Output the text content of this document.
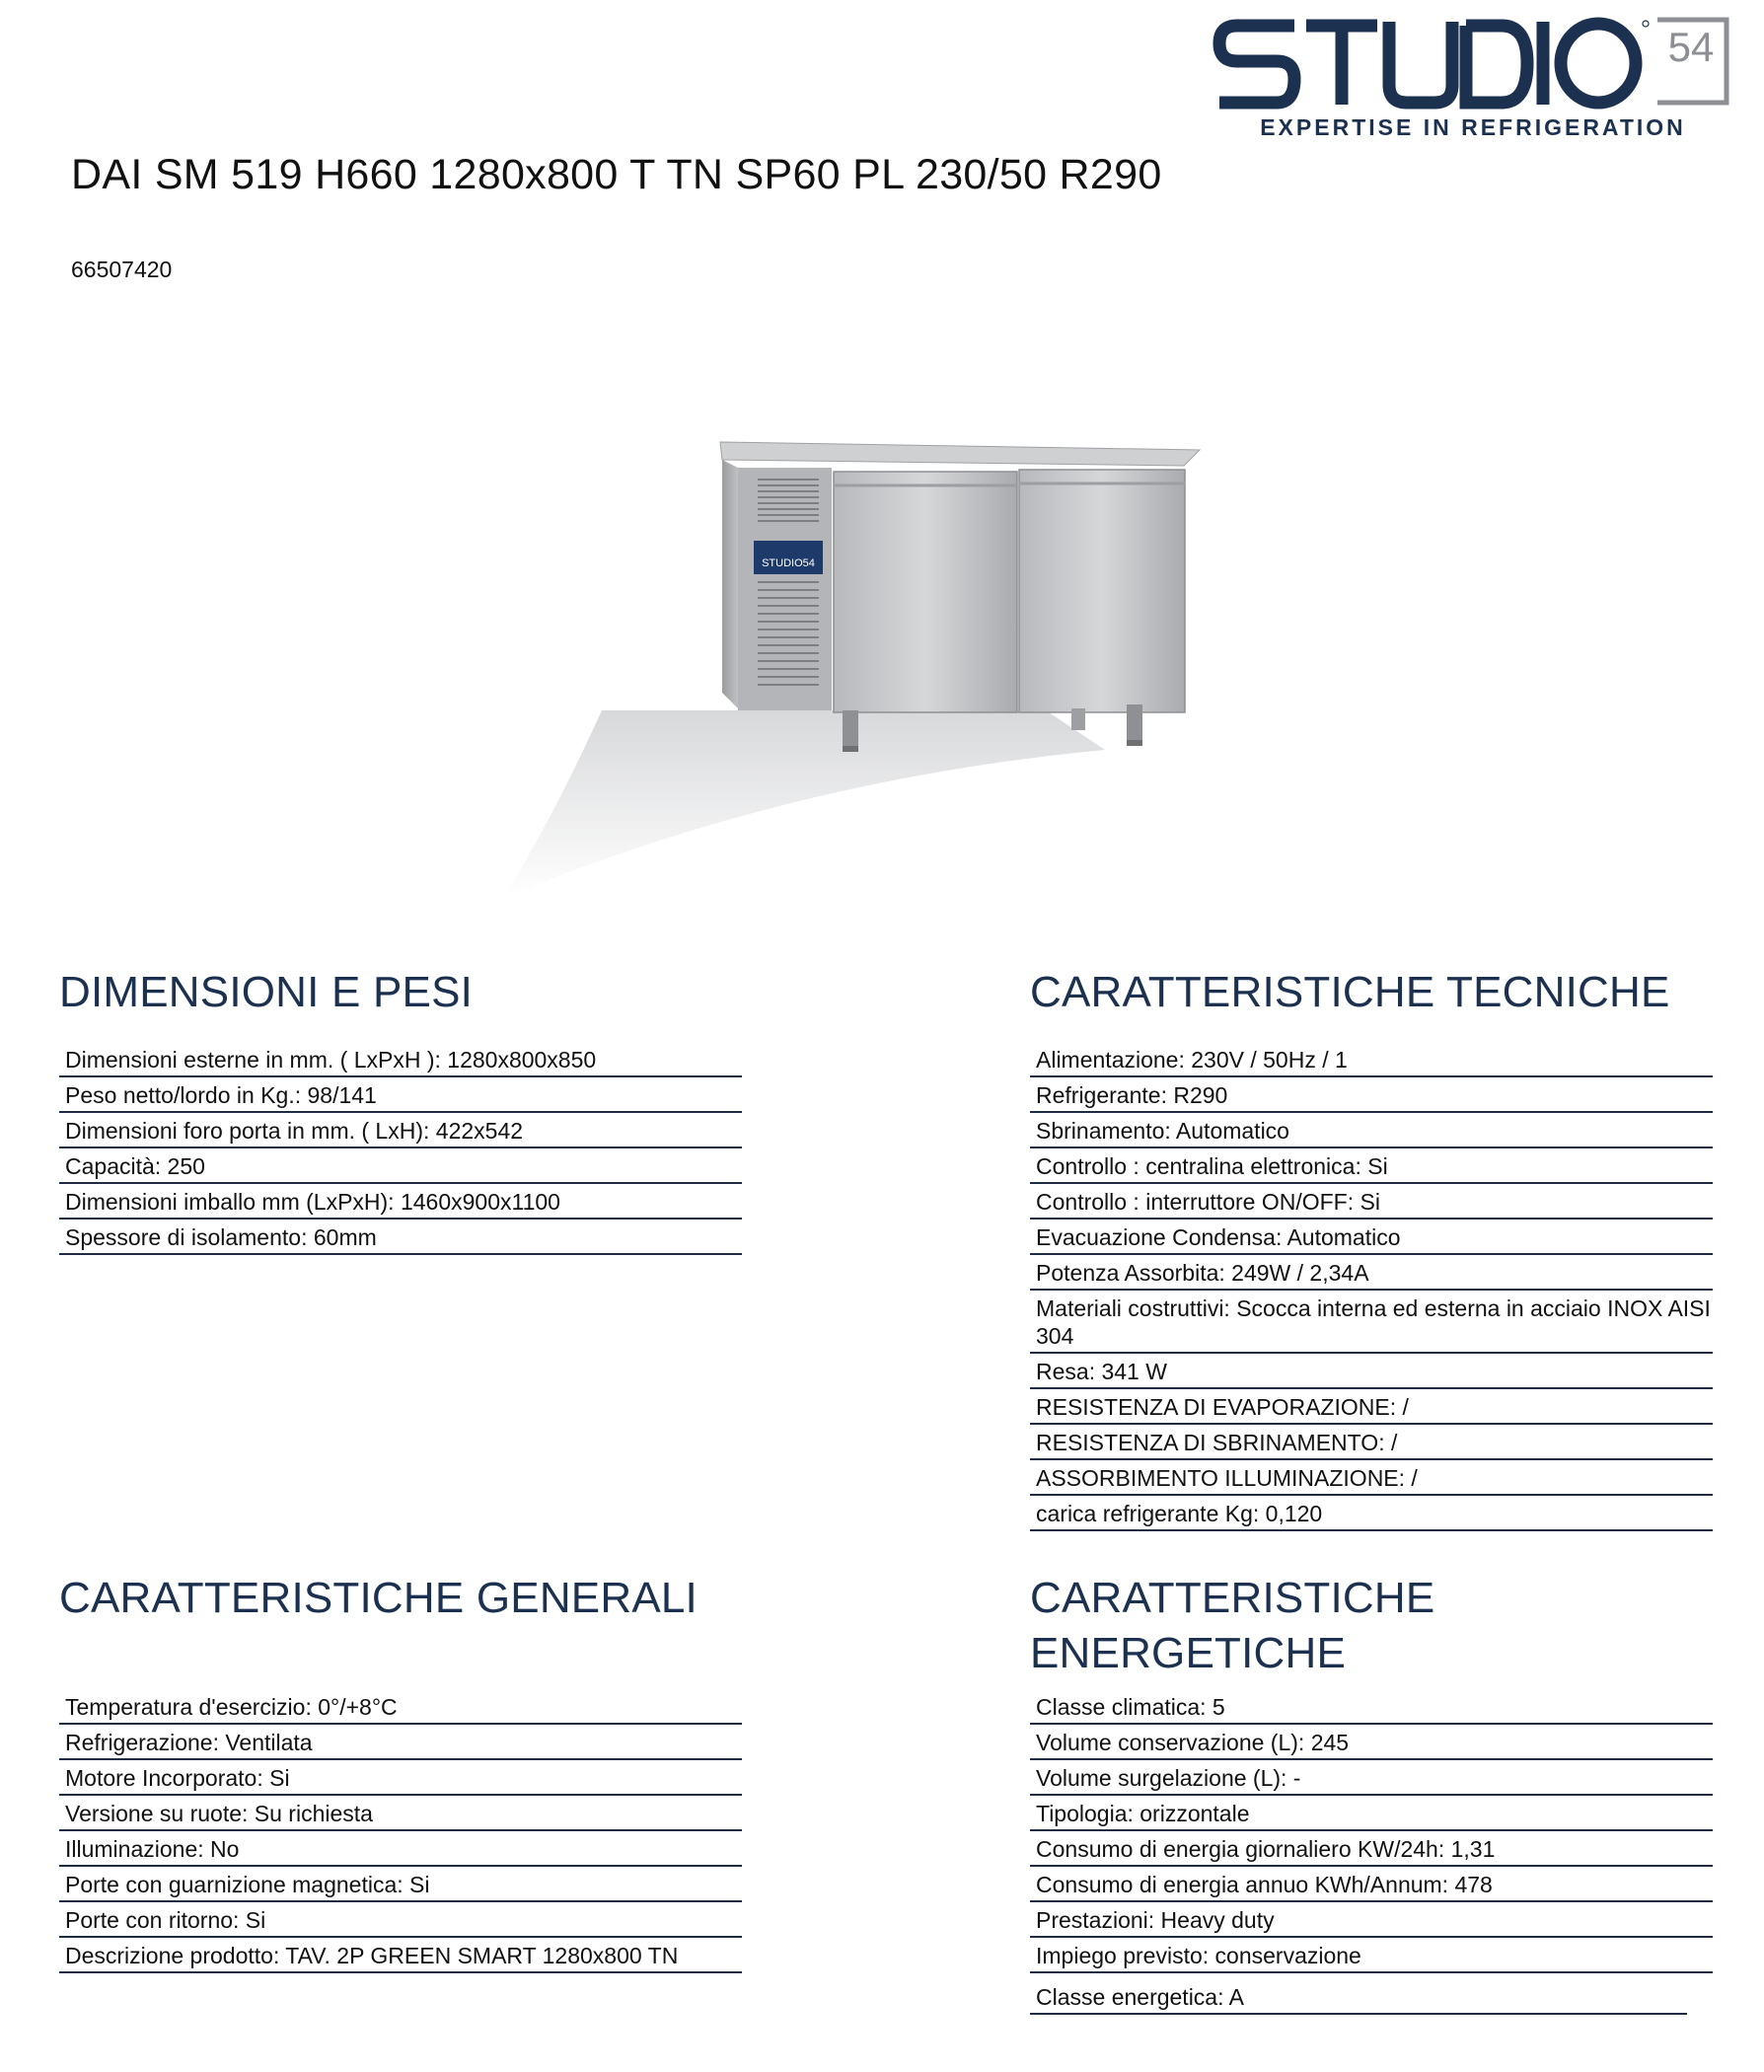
54
EXPERTISE IN REFRIGERATION
STUDIO
DAI SM 519 H660 1280x800 T TN SP60 PL 230/50 R290
66507420
STUDIO54
DIMENSIONI E PESI
Dimensioni esterne in mm. ( LxPxH ): 1280x800x850
Peso netto/lordo in Kg.: 98/141
Dimensioni foro porta in mm. ( LxH): 422x542
Capacità: 250
Dimensioni imballo mm (LxPxH): 1460x900x1100
Spessore di isolamento: 60mm
CARATTERISTICHE TECNICHE
Alimentazione: 230V / 50Hz / 1
Refrigerante: R290
Sbrinamento: Automatico
Controllo : centralina elettronica: Si
Controllo : interruttore ON/OFF: Si
Evacuazione Condensa: Automatico
Potenza Assorbita: 249W / 2,34A
Materiali costruttivi: Scocca interna ed esterna in acciaio INOX AISI 304
Resa: 341 W
RESISTENZA DI EVAPORAZIONE: /
RESISTENZA DI SBRINAMENTO: /
ASSORBIMENTO ILLUMINAZIONE: /
carica refrigerante Kg: 0,120
CARATTERISTICHE GENERALI
Temperatura d'esercizio: 0°/+8°C
Refrigerazione: Ventilata
Motore Incorporato: Si
Versione su ruote: Su richiesta
Illuminazione: No
Porte con guarnizione magnetica: Si
Porte con ritorno: Si
Descrizione prodotto: TAV. 2P GREEN SMART 1280x800 TN
CARATTERISTICHE ENERGETICHE
Classe climatica: 5
Volume conservazione (L): 245
Volume surgelazione (L): -
Tipologia: orizzontale
Consumo di energia giornaliero KW/24h: 1,31
Consumo di energia annuo KWh/Annum: 478
Prestazioni: Heavy duty
Impiego previsto: conservazione
Classe energetica: A
